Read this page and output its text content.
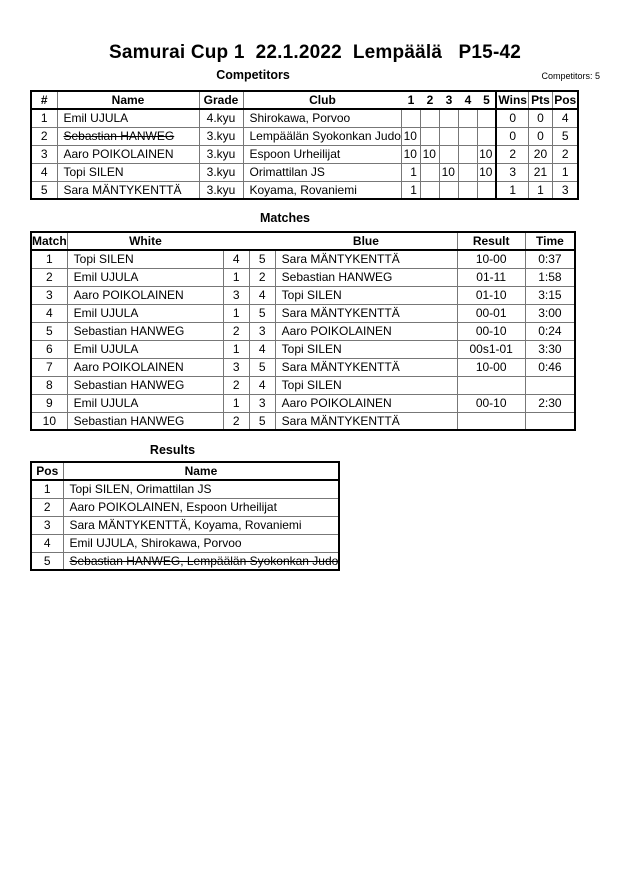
Samurai Cup 1  22.1.2022  Lempäälä   P15-42
Competitors	Competitors: 5
#	Name	Grade	Club	1	2	3	4	5	Wins	Pts	Pos
1	Emil UJULA	4.kyu	Shirokawa, Porvoo						0	0	4
2	Sebastian HANWEG	3.kyu	Lempäälän Syokonkan Judo	10					0	0	5
3	Aaro POIKOLAINEN	3.kyu	Espoon Urheilijat	10	10			10	2	20	2
4	Topi SILEN	3.kyu	Orimattilan JS	1		10		10	3	21	1
5	Sara MÄNTYKENTTÄ	3.kyu	Koyama, Rovaniemi	1					1	1	3
Matches
Match	White			Blue	Result	Time
1	Topi SILEN	4	5	Sara MÄNTYKENTTÄ	10-00	0:37
2	Emil UJULA	1	2	Sebastian HANWEG	01-11	1:58
3	Aaro POIKOLAINEN	3	4	Topi SILEN	01-10	3:15
4	Emil UJULA	1	5	Sara MÄNTYKENTTÄ	00-01	3:00
5	Sebastian HANWEG	2	3	Aaro POIKOLAINEN	00-10	0:24
6	Emil UJULA	1	4	Topi SILEN	00s1-01	3:30
7	Aaro POIKOLAINEN	3	5	Sara MÄNTYKENTTÄ	10-00	0:46
8	Sebastian HANWEG	2	4	Topi SILEN		
9	Emil UJULA	1	3	Aaro POIKOLAINEN	00-10	2:30
10	Sebastian HANWEG	2	5	Sara MÄNTYKENTTÄ		
Results
Pos	Name
1	Topi SILEN, Orimattilan JS
2	Aaro POIKOLAINEN, Espoon Urheilijat
3	Sara MÄNTYKENTTÄ, Koyama, Rovaniemi
4	Emil UJULA, Shirokawa, Porvoo
5	Sebastian HANWEG, Lempäälän Syokonkan Judo
